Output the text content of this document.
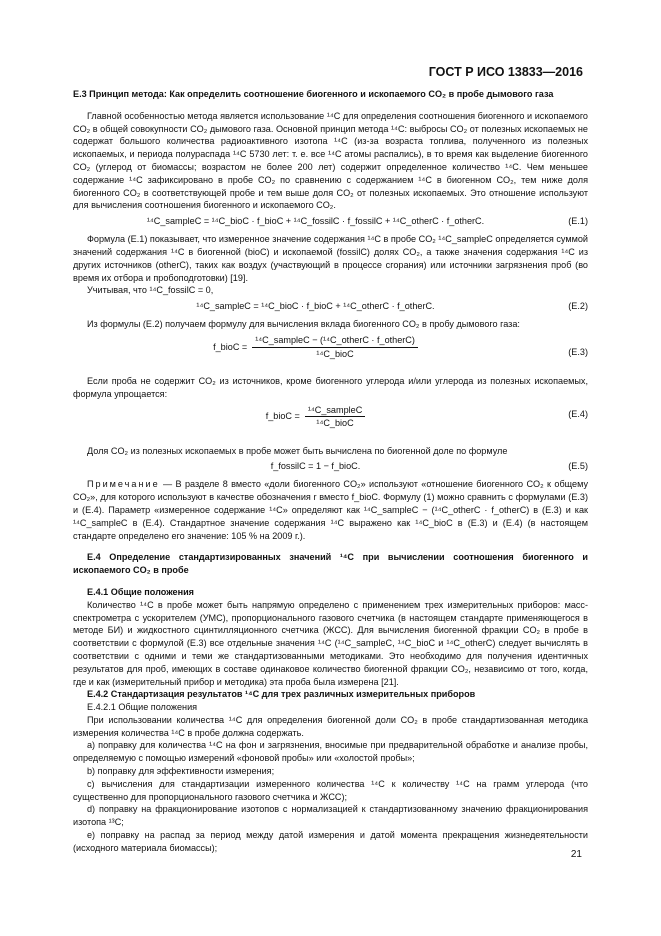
ГОСТ Р ИСО 13833—2016

Е.3 Принцип метода: Как определить соотношение биогенного и ископаемого CO₂ в пробе дымового газа

Главной особенностью метода является использование ¹⁴C для определения соотношения биогенного и ископаемого CO₂ в общей совокупности CO₂ дымового газа. Основной принцип метода ¹⁴C: выбросы CO₂ от полезных ископаемых не содержат большого количества радиоактивного изотопа ¹⁴C (из-за возраста топлива, полученного из полезных ископаемых, и периода полураспада ¹⁴C 5730 лет: т. е. все ¹⁴C атомы распались), в то время как выделение биогенного CO₂ (углерод от биомассы; возрастом не более 200 лет) содержит определенное количество ¹⁴C. Чем меньшее содержание ¹⁴C зафиксировано в пробе CO₂ по сравнению с содержанием ¹⁴C в биогенном CO₂, тем ниже доля биогенного CO₂ в соответствующей пробе и тем выше доля CO₂ от полезных ископаемых. Это отношение используют для вычисления соотношения биогенного и ископаемого CO₂.

¹⁴C_sampleC = ¹⁴C_bioC · f_bioC + ¹⁴C_fossilC · f_fossilC + ¹⁴C_otherC · f_otherC.	(Е.1)

Формула (Е.1) показывает, что измеренное значение содержания ¹⁴C в пробе CO₂ ¹⁴C_sampleC определяется суммой значений содержания ¹⁴C в биогенной (bioC) и ископаемой (fossilC) долях CO₂, а также значения содержания ¹⁴C из других источников (otherC), таких как воздух (участвующий в процессе сгорания) или источники загрязнения проб (во время их отбора и пробоподготовки) [19].

Учитывая, что ¹⁴C_fossilC = 0,

¹⁴C_sampleC = ¹⁴C_bioC · f_bioC + ¹⁴C_otherC · f_otherC.	(Е.2)

Из формулы (Е.2) получаем формулу для вычисления вклада биогенного CO₂ в пробу дымового газа:

f_bioC = $\frac{\text{¹⁴C\_sampleC − (¹⁴C\_otherC · f\_otherC)}}{\text{¹⁴C\_bioC}}$	(Е.3)

Если проба не содержит CO₂ из источников, кроме биогенного углерода и/или углерода из полезных ископаемых, формула упрощается:

f_bioC = $\frac{\text{¹⁴C\_sampleC}}{\text{¹⁴C\_bioC}}$	(Е.4)

Доля CO₂ из полезных ископаемых в пробе может быть вычислена по биогенной доле по формуле

f_fossilC = 1 − f_bioC.	(Е.5)

Примечание — В разделе 8 вместо «доли биогенного CO₂» используют «отношение биогенного CO₂ к общему CO₂», для которого используют в качестве обозначения r вместо f_bioC. Формулу (1) можно сравнить с формулами (Е.3) и (Е.4). Параметр «измеренное содержание ¹⁴C» определяют как ¹⁴C_sampleC − (¹⁴C_otherC · f_otherC) в (Е.3) и как ¹⁴C_sampleC в (Е.4). Стандартное значение содержания ¹⁴C выражено как ¹⁴C_bioC в (Е.3) и (Е.4) (в настоящем стандарте определено его значение: 105 % на 2009 г.).

Е.4 Определение стандартизированных значений ¹⁴C при вычислении соотношения биогенного и ископаемого CO₂ в пробе

Е.4.1 Общие положения

Количество ¹⁴C в пробе может быть напрямую определено с применением трех измерительных приборов: масс-спектрометра с ускорителем (УМС), пропорционального газового счетчика (в настоящем стандарте применяющегося в методе БИ) и жидкостного сцинтилляционного счетчика (ЖСС). Для вычисления биогенной фракции CO₂ в пробе в соответствии с формулой (Е.3) все отдельные значения ¹⁴C (¹⁴C_sampleC, ¹⁴C_bioC и ¹⁴C_otherC) следует вычислять в соответствии с одними и теми же стандартизованными методиками. Это необходимо для получения идентичных результатов для проб, имеющих в составе одинаковое количество биогенной фракции CO₂, независимо от того, когда, где и как (измерительный прибор и методика) эта проба была измерена [21].

Е.4.2 Стандартизация результатов ¹⁴C для трех различных измерительных приборов

Е.4.2.1 Общие положения

При использовании количества ¹⁴C для определения биогенной доли CO₂ в пробе стандартизованная методика измерения количества ¹⁴C в пробе должна содержать.

а) поправку для количества ¹⁴C на фон и загрязнения, вносимые при предварительной обработке и анализе пробы, определяемую с помощью измерений «фоновой пробы» или «холостой пробы»;

b) поправку для эффективности измерения;

c) вычисления для стандартизации измеренного количества ¹⁴C к количеству ¹⁴C на грамм углерода (что существенно для пропорционального газового счетчика и ЖСС);

d) поправку на фракционирование изотопов с нормализацией к стандартизованному значению фракционирования изотопа ¹³C;

е) поправку на распад за период между датой измерения и датой момента прекращения жизнедеятельности (исходного материала биомассы);

21
